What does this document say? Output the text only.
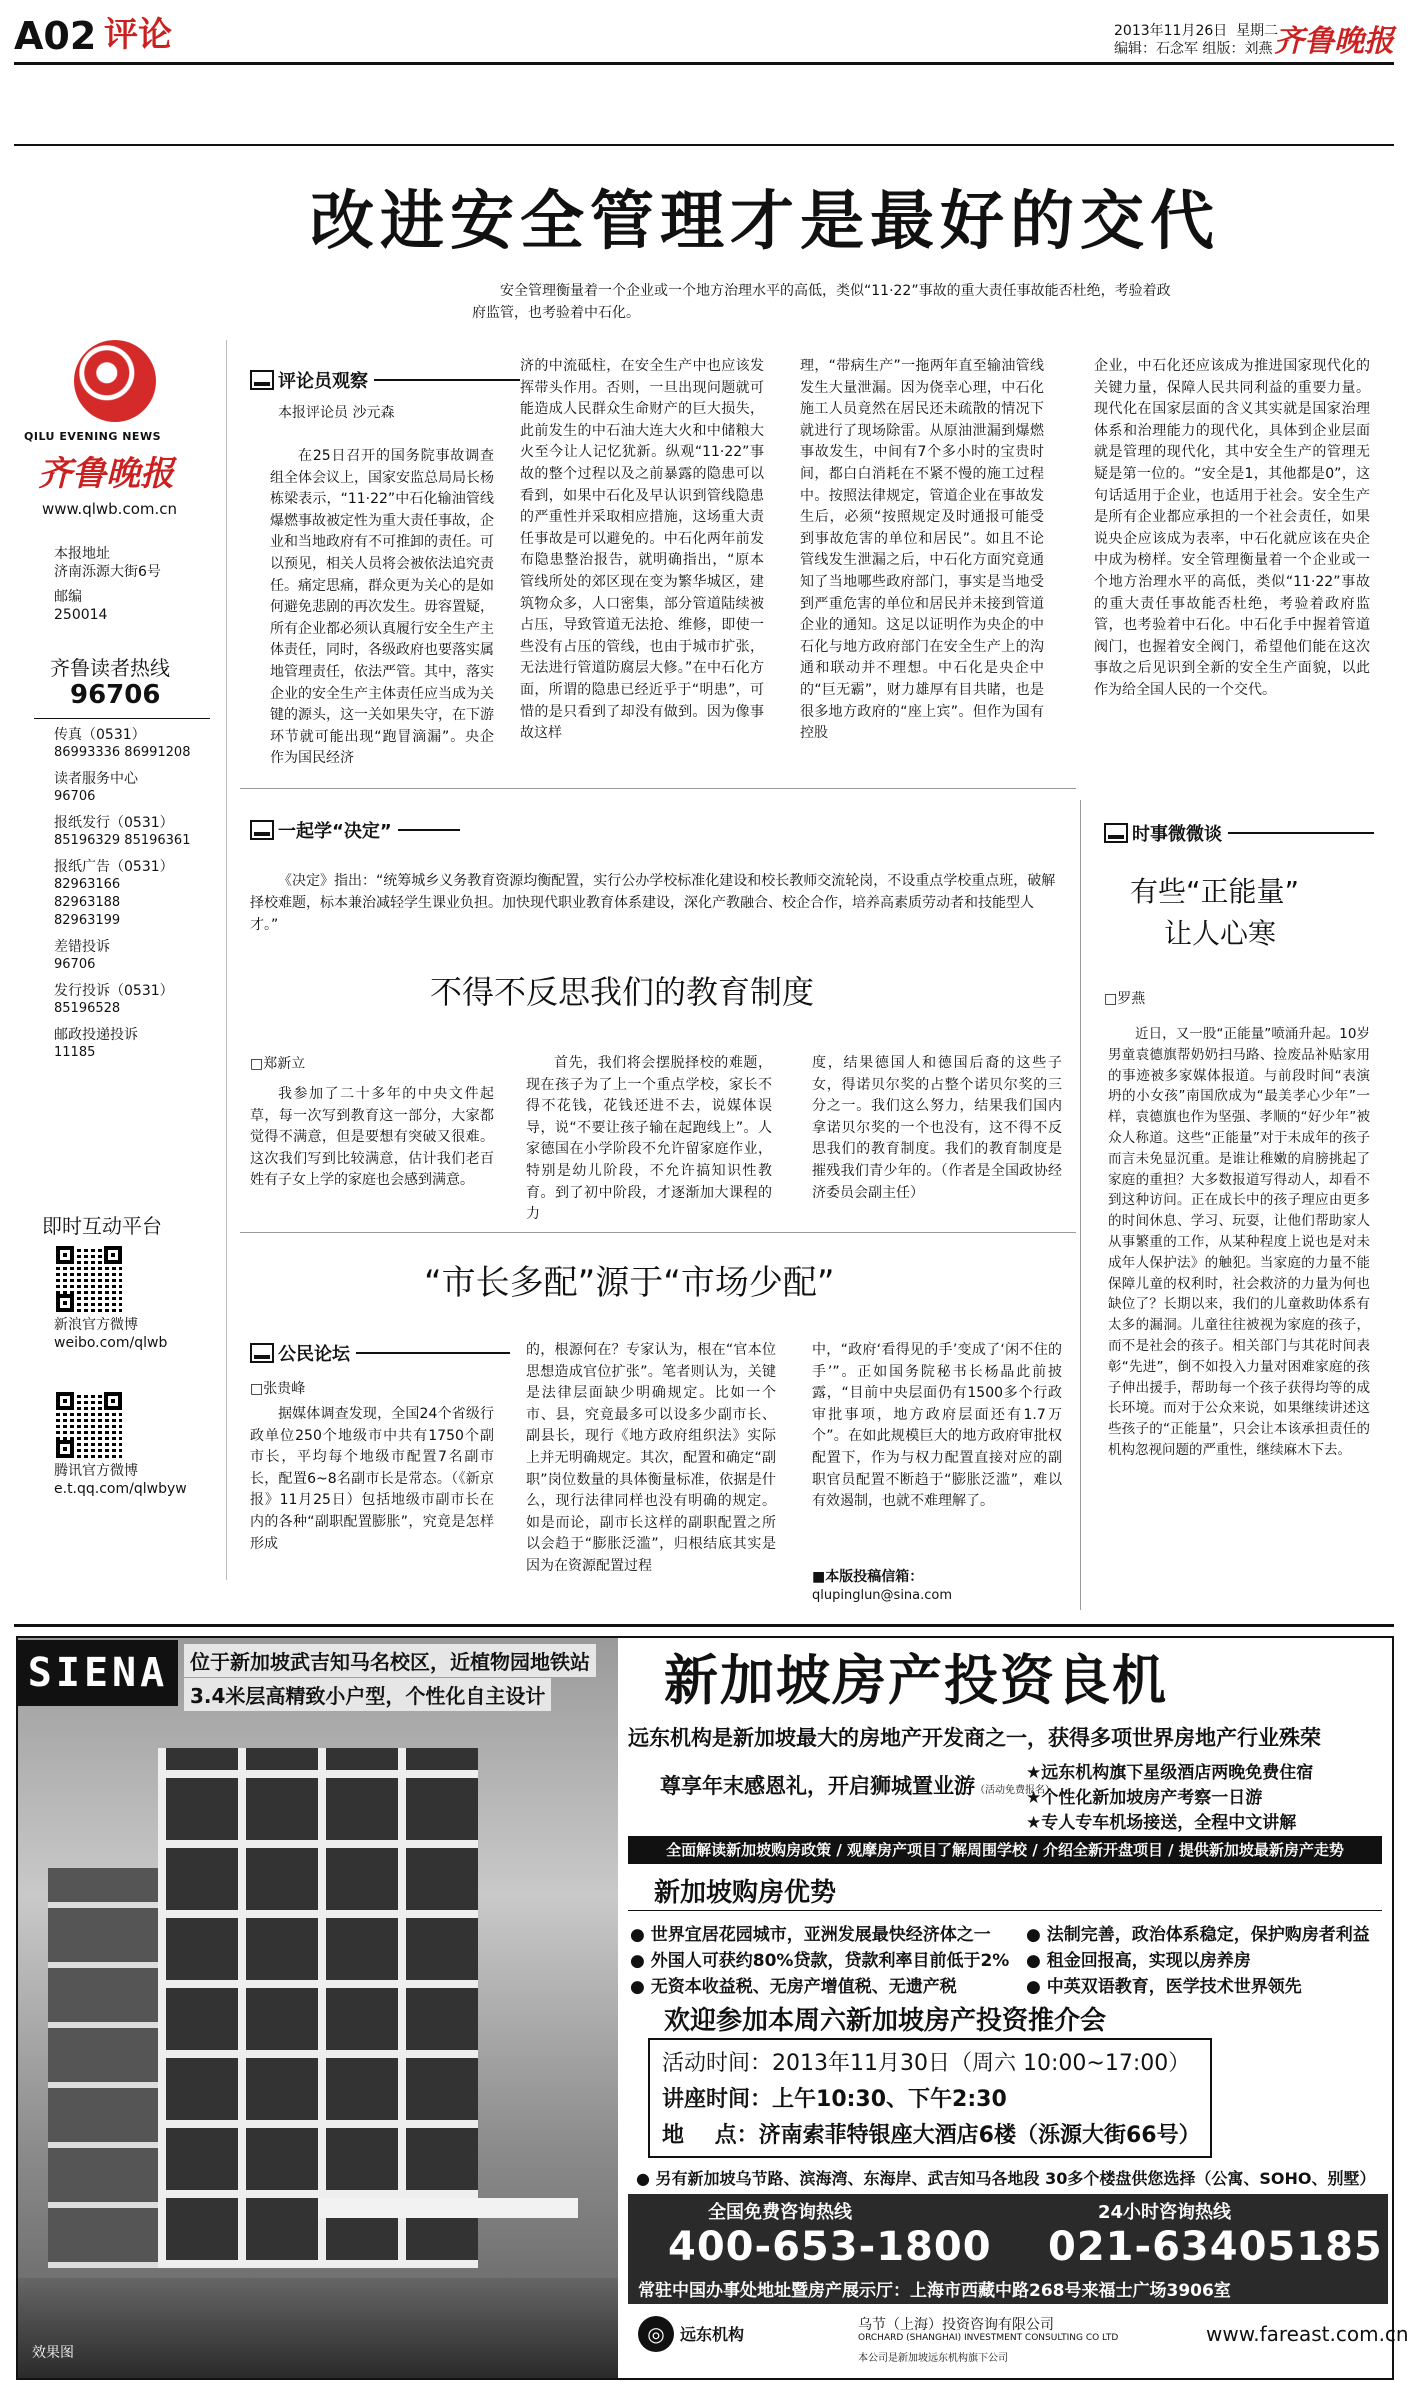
A02 评论	2013年11月26日 星期二
编辑：石念军 组版：刘燕 齐鲁晚报
QILU EVENING NEWS
齐鲁晚报
www.qlwb.com.cn
本报地址
济南泺源大街6号
邮编
250014
齐鲁读者热线
96706
传真（0531）
86993336 86991208
读者服务中心
96706
报纸发行（0531）
85196329 85196361
报纸广告（0531）
82963166 82963188 82963199
差错投诉
96706
发行投诉（0531）
85196528
邮政投递投诉
11185
即时互动平台
新浪官方微博
weibo.com/qlwb
腾讯官方微博
e.t.qq.com/qlwbyw
改进安全管理才是最好的交代
安全管理衡量着一个企业或一个地方治理水平的高低，类似“11·22”事故的重大责任事故能否杜绝，考验着政府监管，也考验着中石化。
评论员观察
本报评论员 沙元森

在25日召开的国务院事故调查组全体会议上，国家安监总局局长杨栋梁表示，“11·22”中石化输油管线爆燃事故被定性为重大责任事故，企业和当地政府有不可推卸的责任。可以预见，相关人员将会被依法追究责任。痛定思痛，群众更为关心的是如何避免悲剧的再次发生。毋容置疑，所有企业都必须认真履行安全生产主体责任，同时，各级政府也要落实属地管理责任，依法严管。其中，落实企业的安全生产主体责任应当成为关键的源头，这一关如果失守，在下游环节就可能出现“跑冒滴漏”。央企作为国民经济

济的中流砥柱，在安全生产中也应该发挥带头作用。否则，一旦出现问题就可能造成人民群众生命财产的巨大损失，此前发生的中石油大连大火和中储粮大火至今让人记忆犹新。纵观“11·22”事故的整个过程以及之前暴露的隐患可以看到，如果中石化及早认识到管线隐患的严重性并采取相应措施，这场重大责任事故是可以避免的。中石化两年前发布隐患整治报告，就明确指出，“原本管线所处的郊区现在变为繁华城区，建筑物众多，人口密集，部分管道陆续被占压，导致管道无法抢、维修，即使一些没有占压的管线，也由于城市扩张，无法进行管道防腐层大修。”在中石化方面，所谓的隐患已经近乎于“明患”，可惜的是只看到了却没有做到。因为像事故这样

理，“带病生产”一拖两年直至输油管线发生大量泄漏。因为侥幸心理，中石化施工人员竟然在居民还未疏散的情况下就进行了现场除雷。从原油泄漏到爆燃事故发生，中间有7个多小时的宝贵时间，都白白消耗在不紧不慢的施工过程中。按照法律规定，管道企业在事故发生后，必须“按照规定及时通报可能受到事故危害的单位和居民”。如且不论管线发生泄漏之后，中石化方面究竟通知了当地哪些政府部门，事实是当地受到严重危害的单位和居民并未接到管道企业的通知。这足以证明作为央企的中石化与地方政府部门在安全生产上的沟通和联动并不理想。中石化是央企中的“巨无霸”，财力雄厚有目共睹，也是很多地方政府的“座上宾”。但作为国有控股

企业，中石化还应该成为推进国家现代化的关键力量，保障人民共同利益的重要力量。现代化在国家层面的含义其实就是国家治理体系和治理能力的现代化，具体到企业层面就是管理的现代化，其中安全生产的管理无疑是第一位的。“安全是1，其他都是0”，这句话适用于企业，也适用于社会。安全生产是所有企业都应承担的一个社会责任，如果说央企应该成为表率，中石化就应该在央企中成为榜样。安全管理衡量着一个企业或一个地方治理水平的高低，类似“11·22”事故的重大责任事故能否杜绝，考验着政府监管，也考验着中石化。中石化手中握着管道阀门，也握着安全阀门，希望他们能在这次事故之后见识到全新的安全生产面貌，以此作为给全国人民的一个交代。

一起学“决定”
《决定》指出：“统筹城乡义务教育资源均衡配置，实行公办学校标准化建设和校长教师交流轮岗，不设重点学校重点班，破解择校难题，标本兼治减轻学生课业负担。加快现代职业教育体系建设，深化产教融合、校企合作，培养高素质劳动者和技能型人才。”
不得不反思我们的教育制度
□郑新立

我参加了二十多年的中央文件起草，每一次写到教育这一部分，大家都觉得不满意，但是要想有突破又很难。这次我们写到比较满意，估计我们老百姓有子女上学的家庭也会感到满意。

首先，我们将会摆脱择校的难题，现在孩子为了上一个重点学校，家长不得不花钱，花钱还进不去，说媒体误导，说“不要让孩子输在起跑线上”。人家德国在小学阶段不允许留家庭作业，特别是幼儿阶段，不允许搞知识性教育。到了初中阶段，才逐渐加大课程的力

度，结果德国人和德国后裔的这些子女，得诺贝尔奖的占整个诺贝尔奖的三分之一。我们这么努力，结果我们国内拿诺贝尔奖的一个也没有，这不得不反思我们的教育制度。我们的教育制度是摧残我们青少年的。（作者是全国政协经济委员会副主任）

“市长多配”源于“市场少配”
公民论坛
□张贵峰

据媒体调查发现，全国24个省级行政单位250个地级市中共有1750个副市长，平均每个地级市配置7名副市长，配置6~8名副市长是常态。（《新京报》11月25日）包括地级市副市长在内的各种“副职配置膨胀”，究竟是怎样形成

的，根源何在？专家认为，根在“官本位思想造成官位扩张”。笔者则认为，关键是法律层面缺少明确规定。比如一个市、县，究竟最多可以设多少副市长、副县长，现行《地方政府组织法》实际上并无明确规定。其次，配置和确定“副职”岗位数量的具体衡量标准，依据是什么，现行法律同样也没有明确的规定。如是而论，副市长这样的副职配置之所以会趋于“膨胀泛滥”，归根结底其实是因为在资源配置过程

中，“政府‘看得见的手’变成了‘闲不住的手’”。正如国务院秘书长杨晶此前披露，“目前中央层面仍有1500多个行政审批事项，地方政府层面还有1.7万个”。在如此规模巨大的地方政府审批权配置下，作为与权力配置直接对应的副职官员配置不断趋于“膨胀泛滥”，难以有效遏制，也就不难理解了。

■本版投稿信箱：
qlupinglun@sina.com
时事微微谈
有些“正能量”
让人心寒
□罗燕

近日，又一股“正能量”喷涌升起。10岁男童袁德旗帮奶奶扫马路、捡废品补贴家用的事迹被多家媒体报道。与前段时间“表演坍的小女孩”南国欣成为“最美孝心少年”一样，袁德旗也作为坚强、孝顺的“好少年”被众人称道。这些“正能量”对于未成年的孩子而言未免显沉重。是谁让稚嫩的肩膀挑起了家庭的重担？大多数报道写得动人，却看不到这种访问。正在成长中的孩子理应由更多的时间休息、学习、玩耍，让他们帮助家人从事繁重的工作，从某种程度上说也是对未成年人保护法》的触犯。当家庭的力量不能保障儿童的权利时，社会救济的力量为何也缺位了？长期以来，我们的儿童救助体系有太多的漏洞。儿童往往被视为家庭的孩子，而不是社会的孩子。相关部门与其花时间表彰“先进”，倒不如投入力量对困难家庭的孩子伸出援手，帮助每一个孩子获得均等的成长环境。而对于公众来说，如果继续讲述这些孩子的“正能量”，只会让本该承担责任的机构忽视问题的严重性，继续麻木下去。

SIENA	位于新加坡武吉知马名校区，近植物园地铁站
3.4米层高精致小户型，个性化自主设计
效果图
新加坡房产投资良机
远东机构是新加坡最大的房地产开发商之一，获得多项世界房地产行业殊荣
尊享年末感恩礼，开启狮城置业游（活动免费报名）
★远东机构旗下星级酒店两晚免费住宿
★个性化新加坡房产考察一日游
★专人专车机场接送，全程中文讲解
全面解读新加坡购房政策 / 观摩房产项目了解周围学校 / 介绍全新开盘项目 / 提供新加坡最新房产走势
新加坡购房优势
● 世界宜居花园城市，亚洲发展最快经济体之一
● 外国人可获约80%贷款，贷款利率目前低于2%
● 无资本收益税、无房产增值税、无遗产税
● 法制完善，政治体系稳定，保护购房者利益
● 租金回报高，实现以房养房
● 中英双语教育，医学技术世界领先
欢迎参加本周六新加坡房产投资推介会
活动时间：2013年11月30日（周六 10:00~17:00）
讲座时间：上午10:30、下午2:30
地    点：济南索菲特银座大酒店6楼（泺源大街66号）
● 另有新加坡乌节路、滨海湾、东海岸、武吉知马各地段 30多个楼盘供您选择（公寓、SOHO、别墅）
全国免费咨询热线
400-653-1800
24小时咨询热线
021-63405185
常驻中国办事处地址暨房产展示厅：上海市西藏中路268号来福士广场3906室
◎ 远东机构	乌节（上海）投资咨询有限公司
ORCHARD (SHANGHAI) INVESTMENT CONSULTING CO LTD
本公司是新加坡远东机构旗下公司
www.fareast.com.cn
